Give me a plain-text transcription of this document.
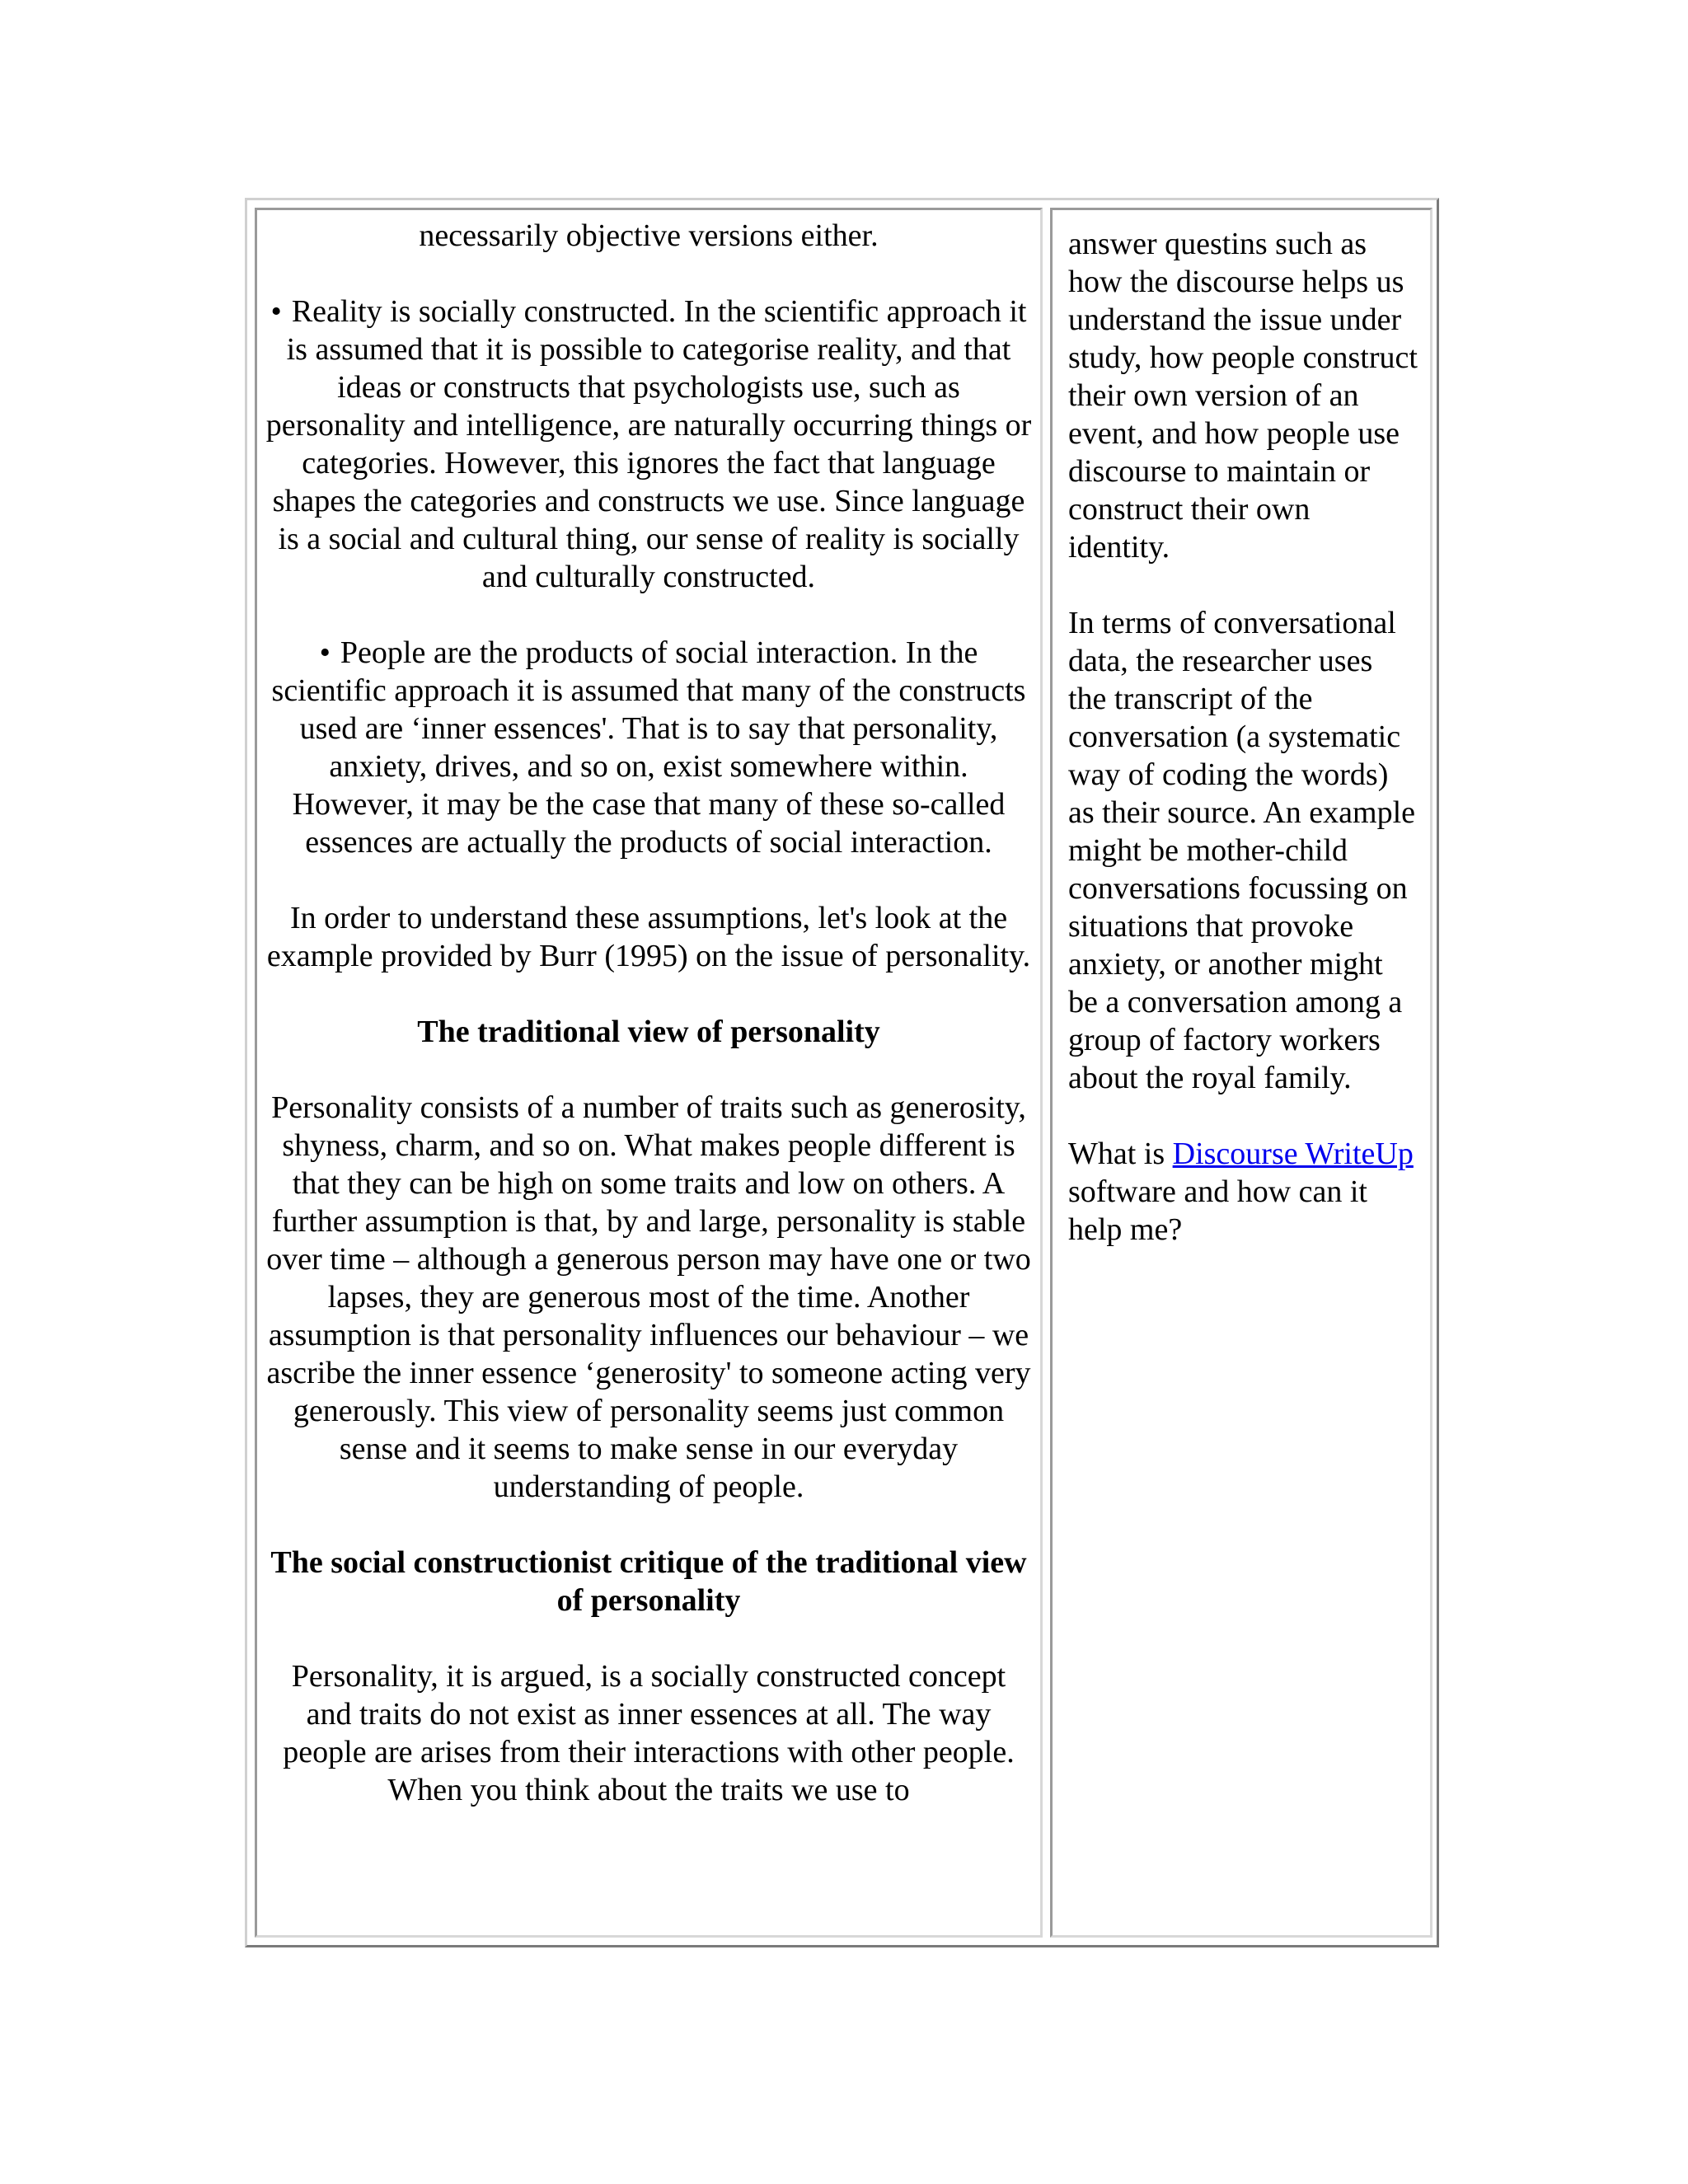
necessarily objective versions either.

• Reality is socially constructed. In the scientific approach it is assumed that it is possible to categorise reality, and that ideas or constructs that psychologists use, such as personality and intelligence, are naturally occurring things or categories. However, this ignores the fact that language shapes the categories and constructs we use. Since language is a social and cultural thing, our sense of reality is socially and culturally constructed.

• People are the products of social interaction. In the scientific approach it is assumed that many of the constructs used are ‘inner essences'. That is to say that personality, anxiety, drives, and so on, exist somewhere within. However, it may be the case that many of these so-called essences are actually the products of social interaction.

In order to understand these assumptions, let's look at the example provided by Burr (1995) on the issue of personality.

The traditional view of personality

Personality consists of a number of traits such as generosity, shyness, charm, and so on. What makes people different is that they can be high on some traits and low on others. A further assumption is that, by and large, personality is stable over time – although a generous person may have one or two lapses, they are generous most of the time. Another assumption is that personality influences our behaviour – we ascribe the inner essence ‘generosity' to someone acting very generously. This view of personality seems just common sense and it seems to make sense in our everyday understanding of people.

The social constructionist critique of the traditional view of personality

Personality, it is argued, is a socially constructed concept and traits do not exist as inner essences at all. The way people are arises from their interactions with other people. When you think about the traits we use to

answer questins such as how the discourse helps us understand the issue under study, how people construct their own version of an event, and how people use discourse to maintain or construct their own identity.

In terms of conversational data, the researcher uses the transcript of the conversation (a systematic way of coding the words) as their source. An example might be mother-child conversations focussing on situations that provoke anxiety, or another might be a conversation among a group of factory workers about the royal family.

What is Discourse WriteUp software and how can it help me?
